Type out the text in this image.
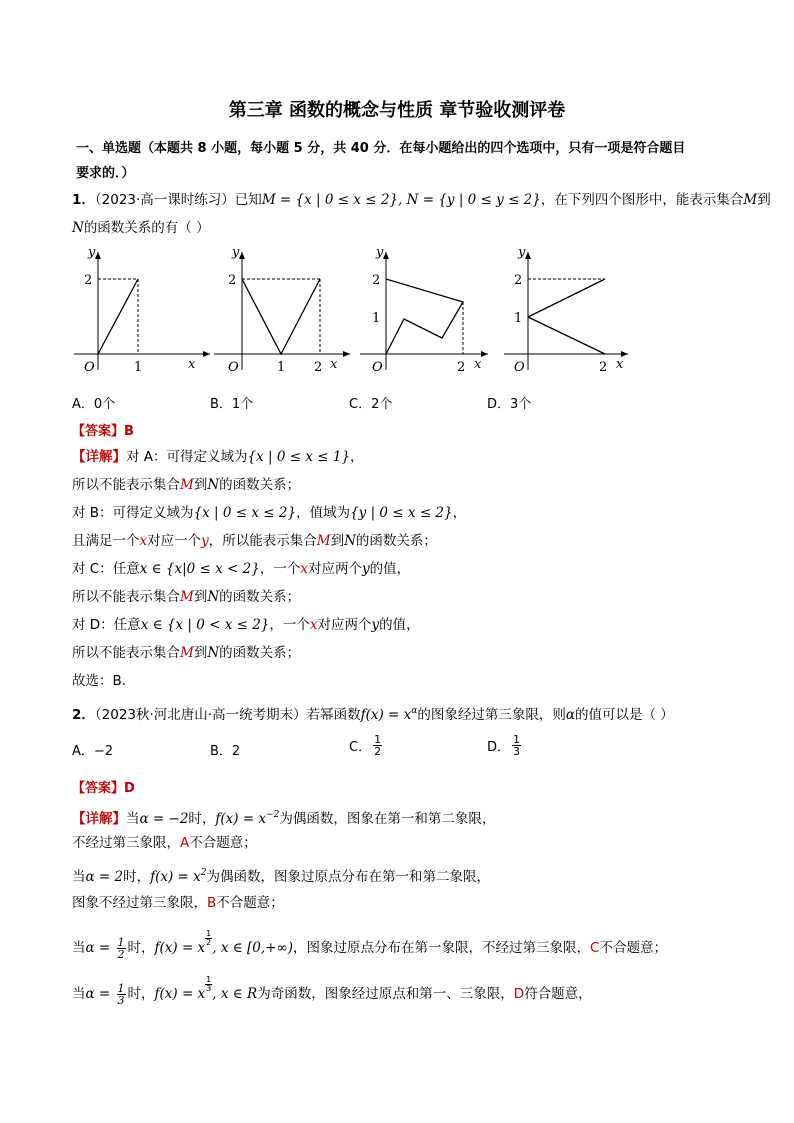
第三章 函数的概念与性质 章节验收测评卷
一、单选题（本题共 8 小题，每小题 5 分，共 40 分．在每小题给出的四个选项中，只有一项是符合题目
要求的．）
1．（2023·高一课时练习）已知M = {x | 0 ≤ x ≤ 2}, N = {y | 0 ≤ y ≤ 2}，在下列四个图形中，能表示集合M到
N的函数关系的有（ ）
y
2
O	1	x
y
2
O	1 2 x
y
2
1
O	2 x
y
2
1
O	2 x
A．0个	B．1个	C．2个	D．3个
【答案】B
【详解】对 A：可得定义域为{x | 0 ≤ x ≤ 1}，
所以不能表示集合M到N的函数关系；
对 B：可得定义域为{x | 0 ≤ x ≤ 2}，值域为{y | 0 ≤ x ≤ 2}，
且满足一个x对应一个y，所以能表示集合M到N的函数关系；
对 C：任意x ∈ {x|0 ≤ x < 2}，一个x对应两个y的值，
所以不能表示集合M到N的函数关系；
对 D：任意x ∈ {x | 0 < x ≤ 2}，一个x对应两个y的值，
所以不能表示集合M到N的函数关系；
故选：B.
2．（2023秋·河北唐山·高一统考期末）若幂函数$f(x) = x^\alpha$的图象经过第三象限，则α的值可以是（ ）
A．−2	B．2	C． $\frac{1}{2}$	D． $\frac{1}{3}$
【答案】D
【详解】当α = −2时，$f(x) = x^{-2}$为偶函数，图象在第一和第二象限，
不经过第三象限，A不合题意；
当α = 2时，$f(x) = x^2$为偶函数，图象过原点分布在第一和第二象限，
图象不经过第三象限，B不合题意；
当$\alpha = \frac{1}{2}$ 时，f(x) = x
$\frac{1}{2}$
, x ∈ [0,+∞)，图象过原点分布在第一象限，不经过第三象限，C不合题意；
当$\alpha = \frac{1}{3}$ 时，f(x) = x
$\frac{1}{3}$
, x ∈ R为奇函数，图象经过原点和第一、三象限，D符合题意，
